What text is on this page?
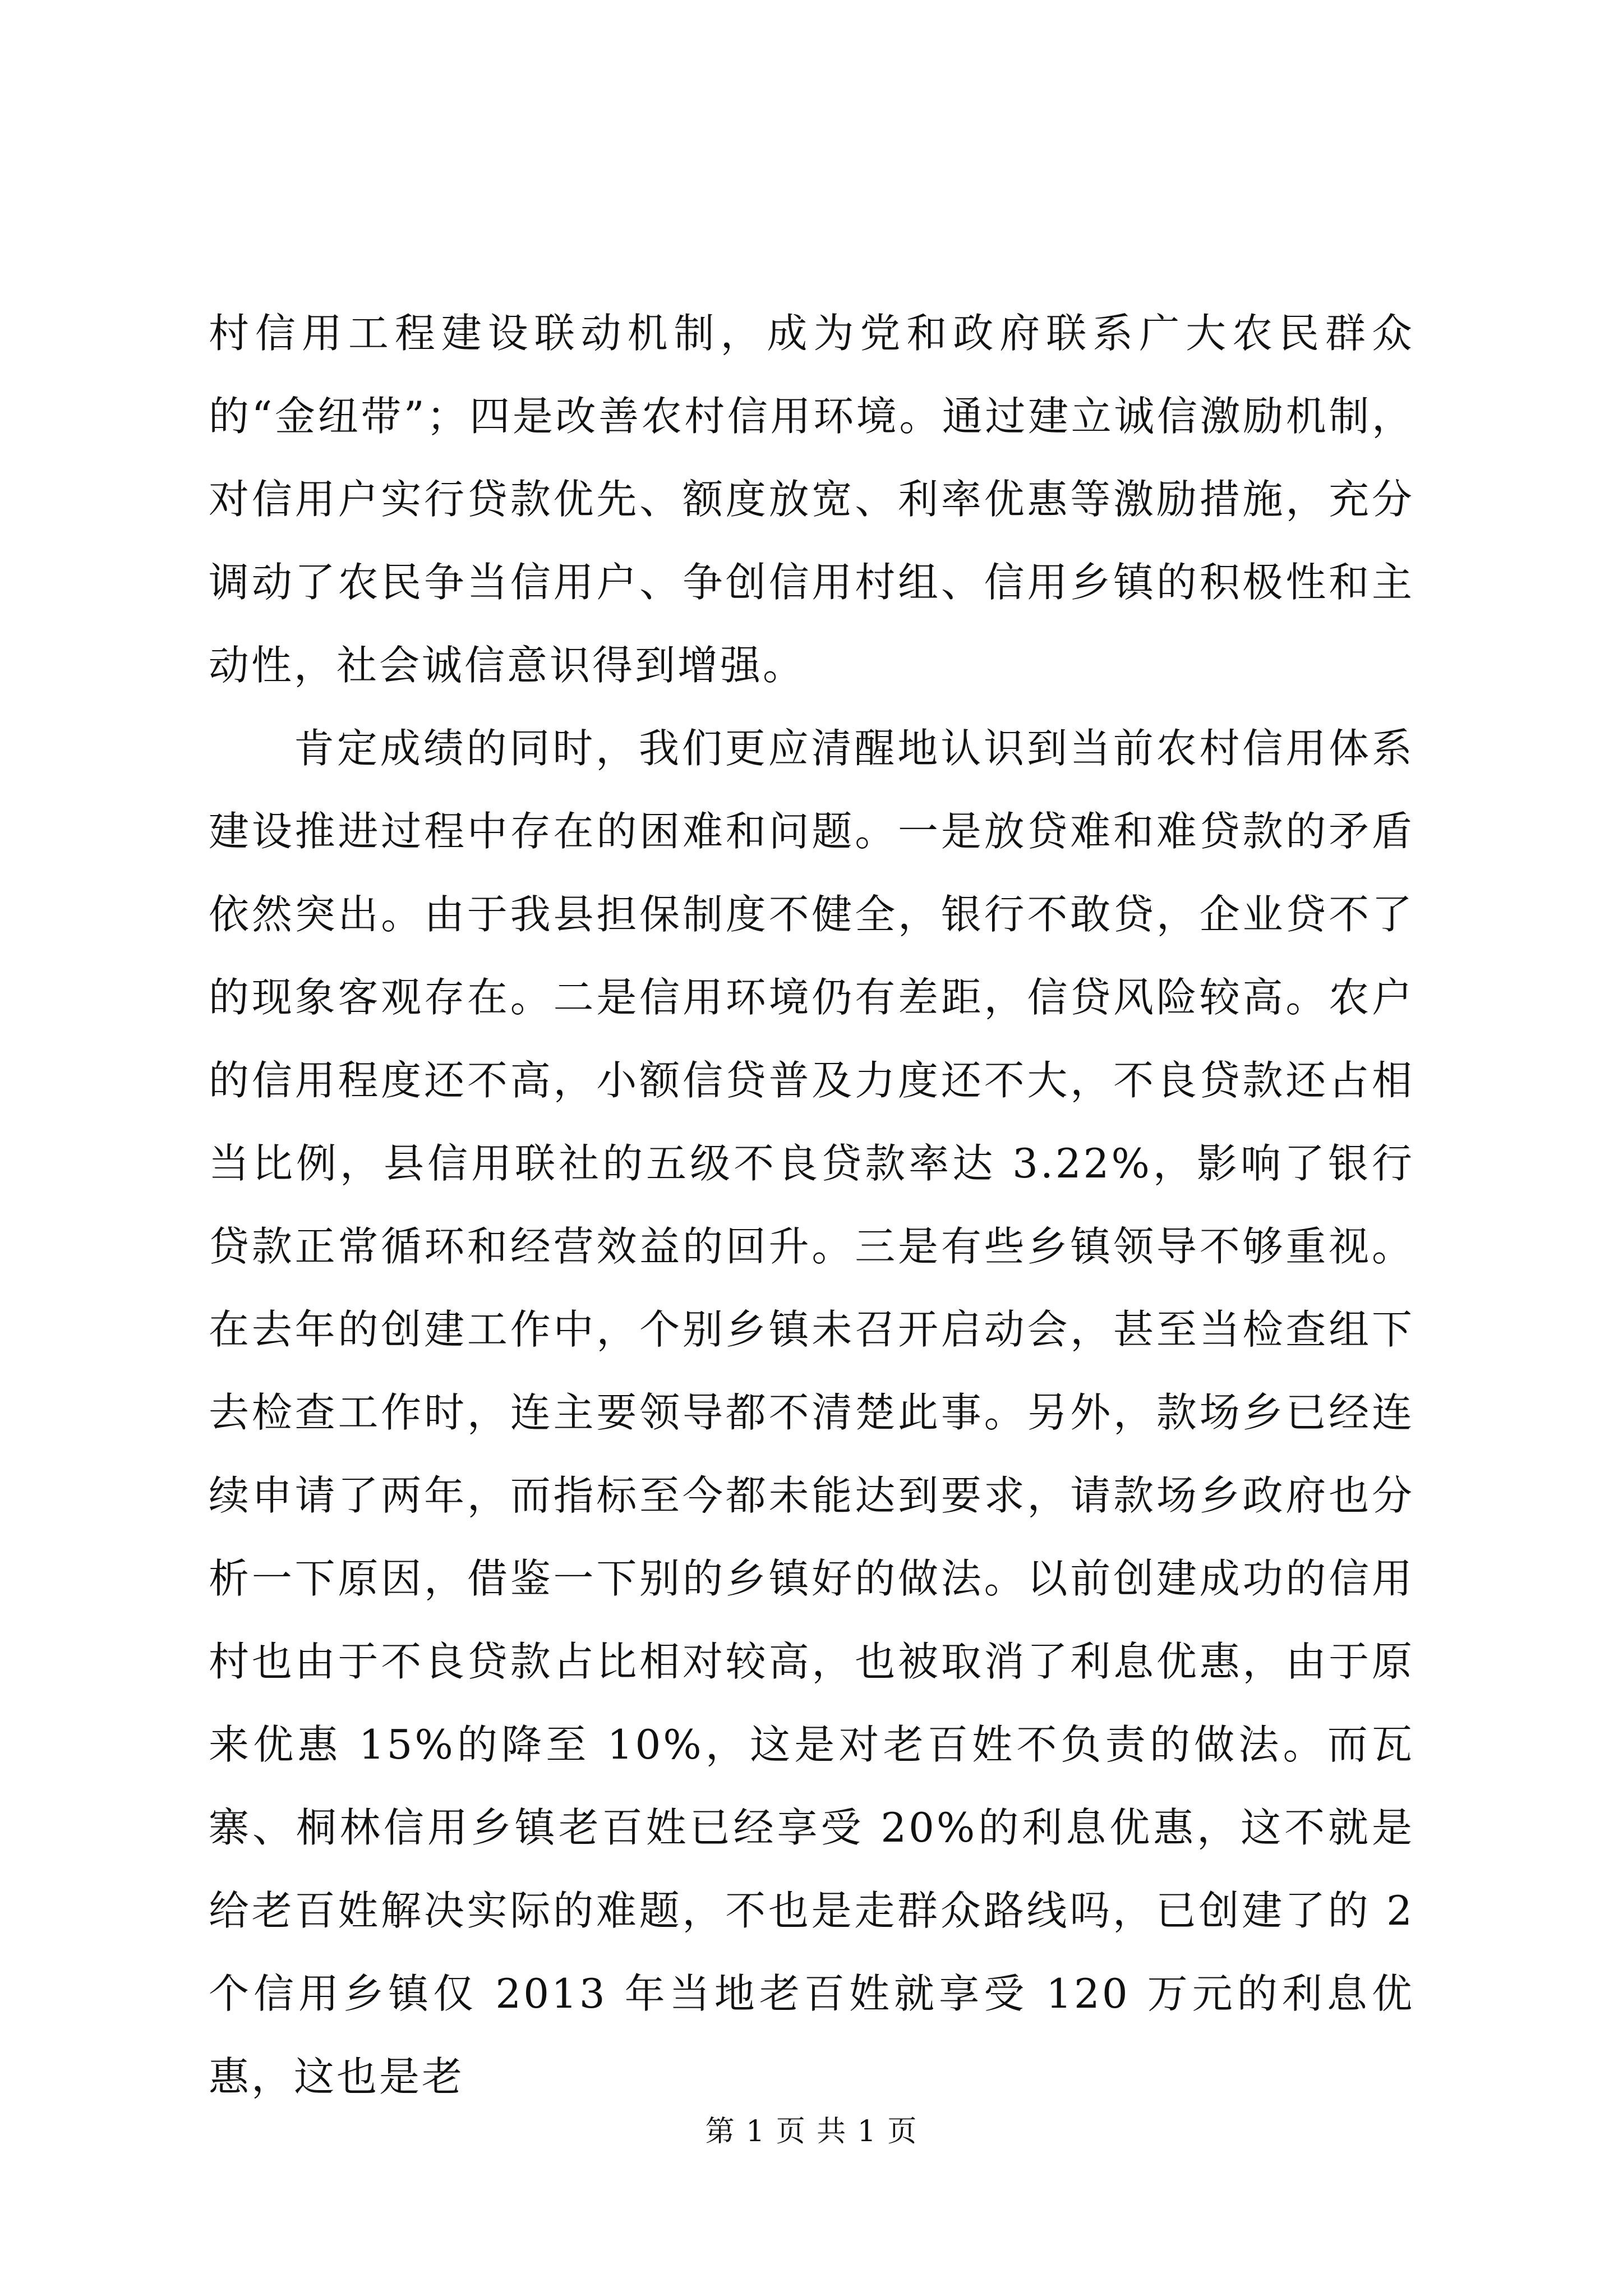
村信用工程建设联动机制，成为党和政府联系广大农民群众的“金纽带”；四是改善农村信用环境。通过建立诚信激励机制，对信用户实行贷款优先、额度放宽、利率优惠等激励措施，充分调动了农民争当信用户、争创信用村组、信用乡镇的积极性和主动性，社会诚信意识得到增强。

肯定成绩的同时，我们更应清醒地认识到当前农村信用体系建设推进过程中存在的困难和问题。一是放贷难和难贷款的矛盾依然突出。由于我县担保制度不健全，银行不敢贷，企业贷不了的现象客观存在。二是信用环境仍有差距，信贷风险较高。农户的信用程度还不高，小额信贷普及力度还不大，不良贷款还占相当比例，县信用联社的五级不良贷款率达 3.22%，影响了银行贷款正常循环和经营效益的回升。三是有些乡镇领导不够重视。在去年的创建工作中，个别乡镇未召开启动会，甚至当检查组下去检查工作时，连主要领导都不清楚此事。另外，款场乡已经连续申请了两年，而指标至今都未能达到要求，请款场乡政府也分析一下原因，借鉴一下别的乡镇好的做法。以前创建成功的信用村也由于不良贷款占比相对较高，也被取消了利息优惠，由于原来优惠 15%的降至 10%，这是对老百姓不负责的做法。而瓦寨、桐林信用乡镇老百姓已经享受 20%的利息优惠，这不就是给老百姓解决实际的难题，不也是走群众路线吗，已创建了的 2 个信用乡镇仅 2013 年当地老百姓就享受 120 万元的利息优惠，这也是老

第 1 页 共 1 页
